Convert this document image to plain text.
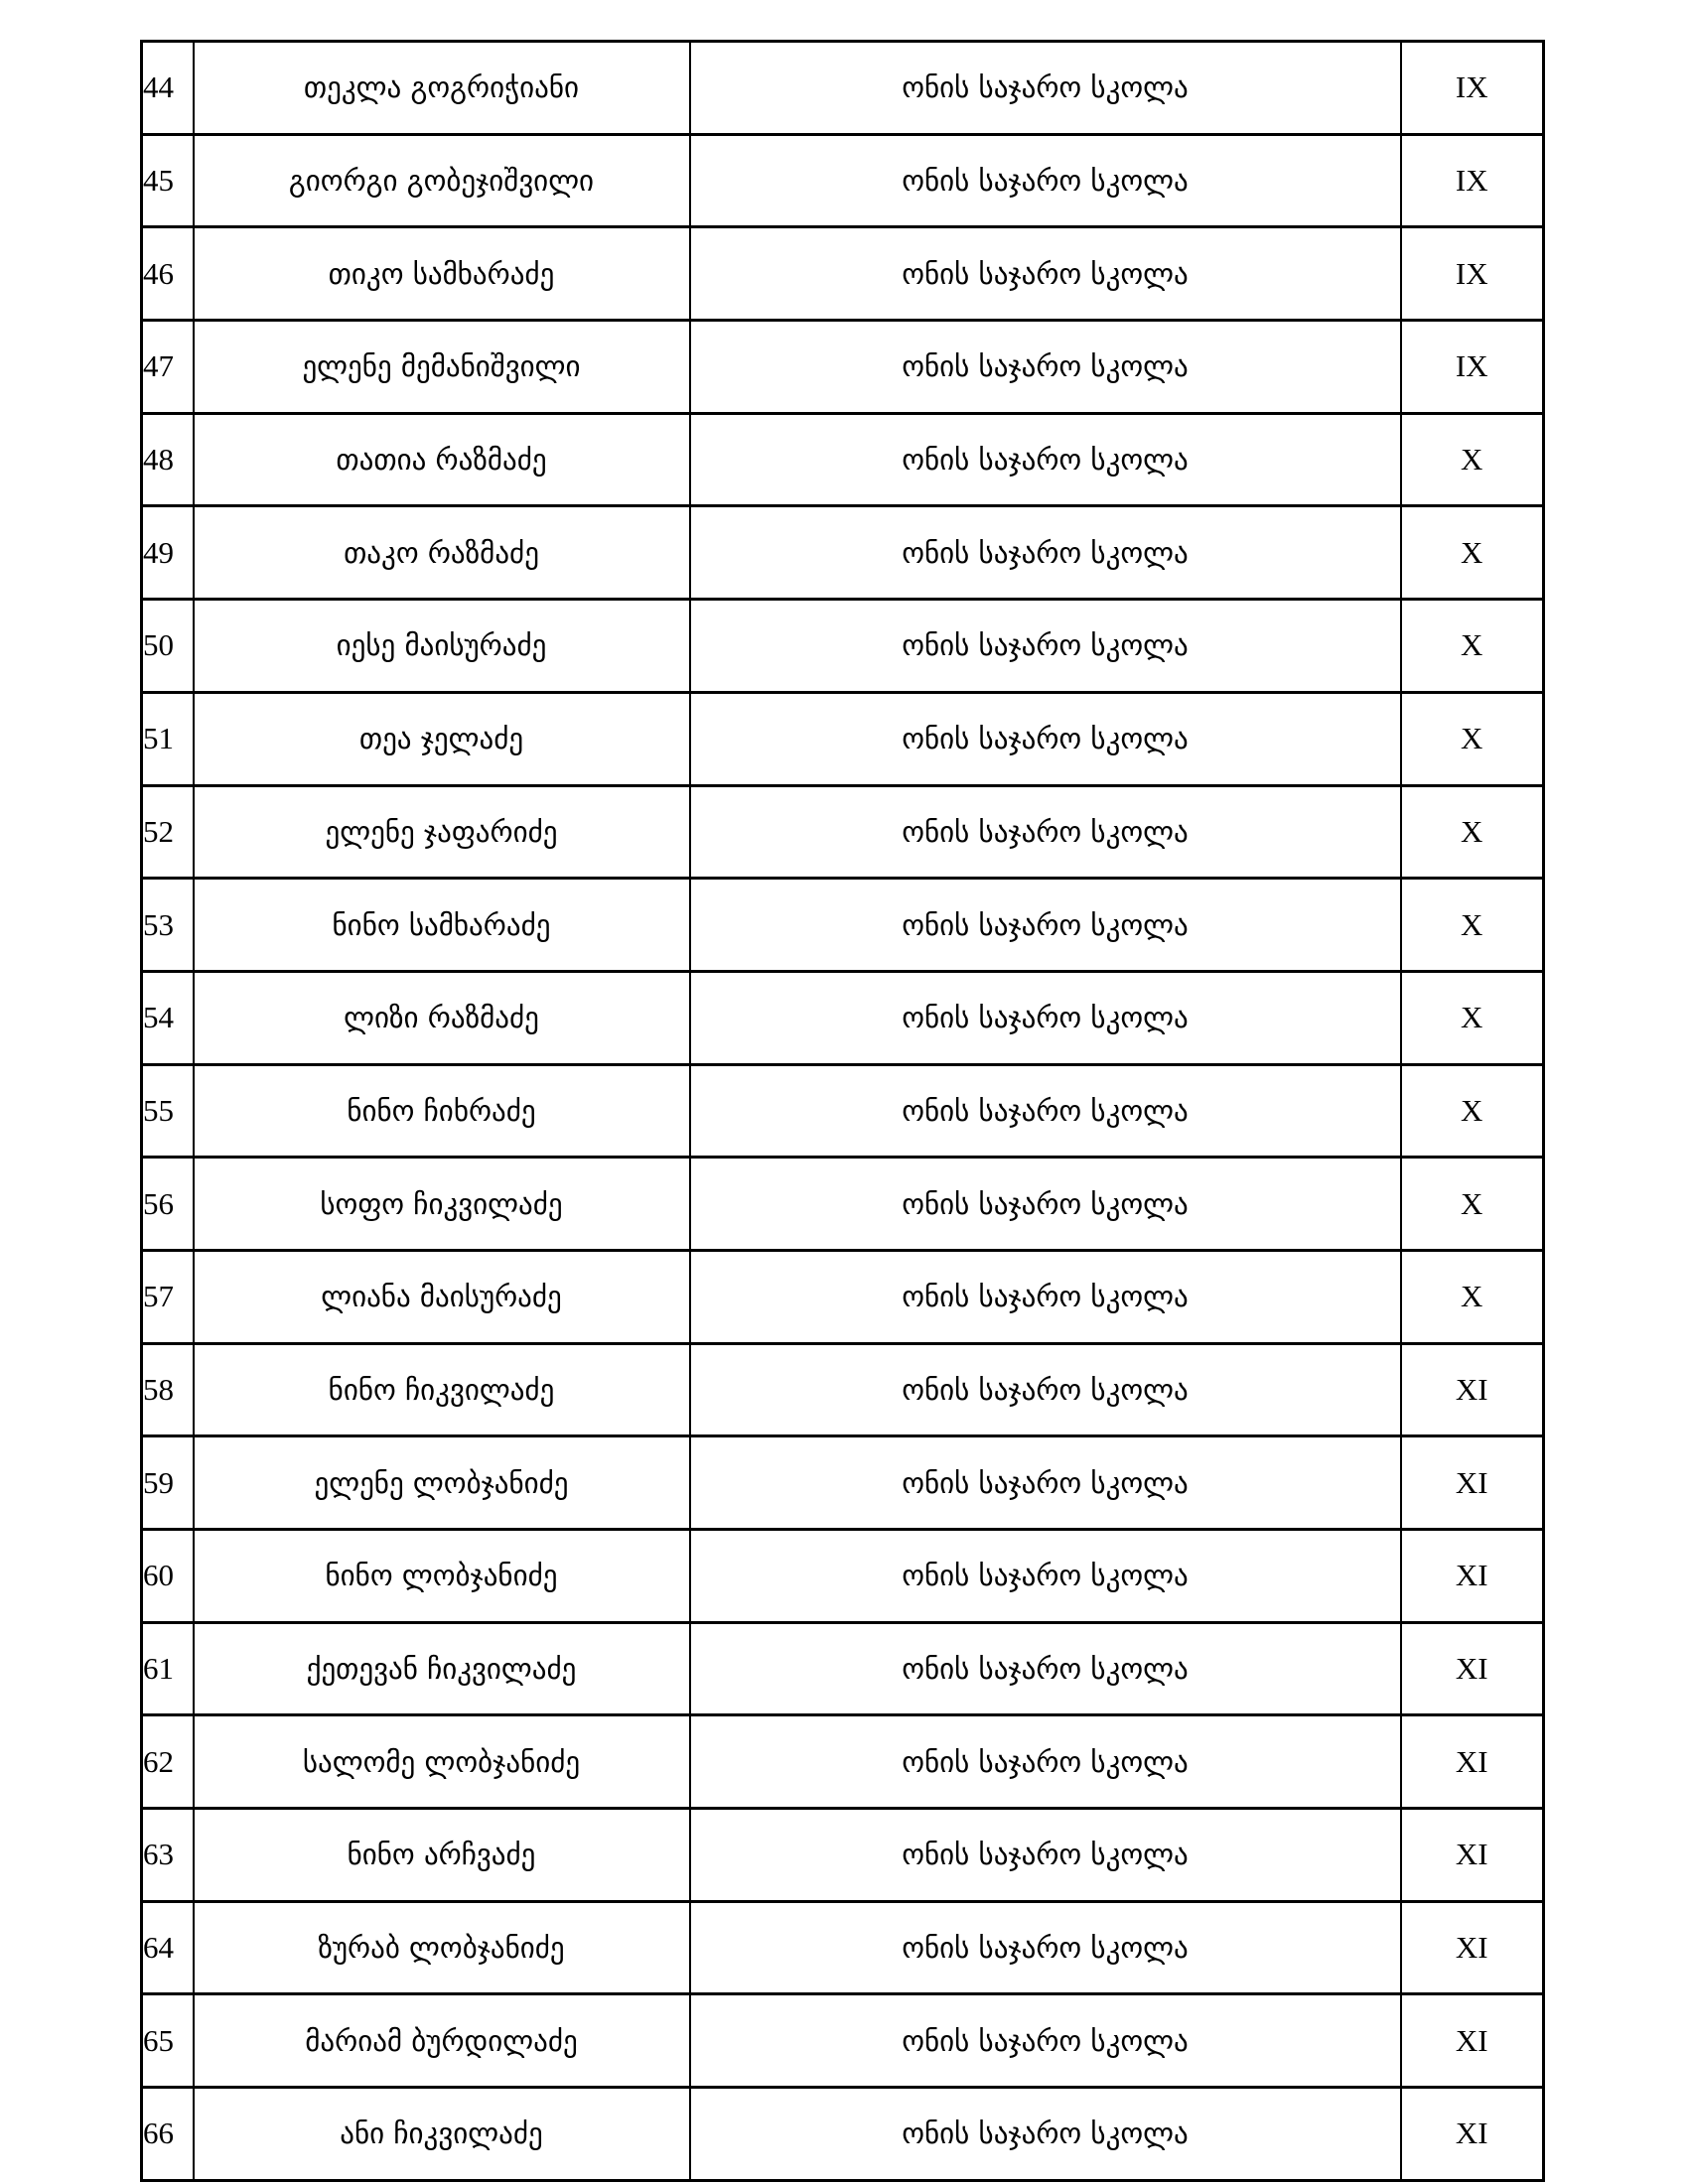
44	თეკლა გოგრიჭიანი	ონის საჯარო სკოლა	IX
45	გიორგი გობეჯიშვილი	ონის საჯარო სკოლა	IX
46	თიკო სამხარაძე	ონის საჯარო სკოლა	IX
47	ელენე მემანიშვილი	ონის საჯარო სკოლა	IX
48	თათია რაზმაძე	ონის საჯარო სკოლა	X
49	თაკო რაზმაძე	ონის საჯარო სკოლა	X
50	იესე მაისურაძე	ონის საჯარო სკოლა	X
51	თეა ჯელაძე	ონის საჯარო სკოლა	X
52	ელენე ჯაფარიძე	ონის საჯარო სკოლა	X
53	ნინო სამხარაძე	ონის საჯარო სკოლა	X
54	ლიზი რაზმაძე	ონის საჯარო სკოლა	X
55	ნინო ჩიხრაძე	ონის საჯარო სკოლა	X
56	სოფო ჩიკვილაძე	ონის საჯარო სკოლა	X
57	ლიანა მაისურაძე	ონის საჯარო სკოლა	X
58	ნინო ჩიკვილაძე	ონის საჯარო სკოლა	XI
59	ელენე ლობჯანიძე	ონის საჯარო სკოლა	XI
60	ნინო ლობჯანიძე	ონის საჯარო სკოლა	XI
61	ქეთევან ჩიკვილაძე	ონის საჯარო სკოლა	XI
62	სალომე ლობჯანიძე	ონის საჯარო სკოლა	XI
63	ნინო არჩვაძე	ონის საჯარო სკოლა	XI
64	ზურაბ ლობჯანიძე	ონის საჯარო სკოლა	XI
65	მარიამ ბურდილაძე	ონის საჯარო სკოლა	XI
66	ანი ჩიკვილაძე	ონის საჯარო სკოლა	XI
